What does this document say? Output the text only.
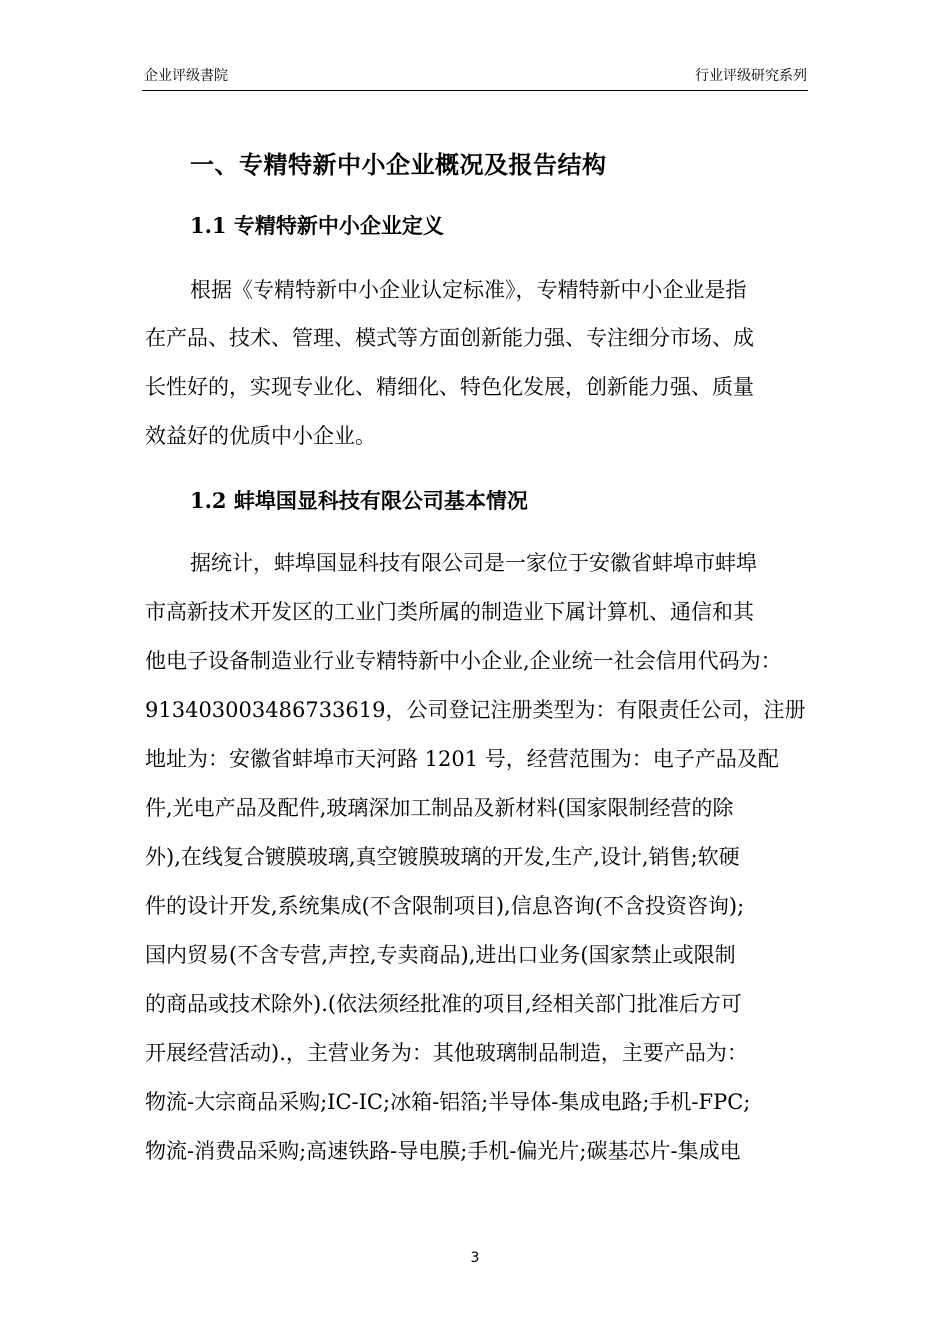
企业评级書院	行业评级研究系列
一、专精特新中小企业概况及报告结构
1.1 专精特新中小企业定义
根据《专精特新中小企业认定标准》，专精特新中小企业是指
在产品、技术、管理、模式等方面创新能力强、专注细分市场、成
长性好的，实现专业化、精细化、特色化发展，创新能力强、质量
效益好的优质中小企业。
1.2 蚌埠国显科技有限公司基本情况
据统计，蚌埠国显科技有限公司是一家位于安徽省蚌埠市蚌埠
市高新技术开发区的工业门类所属的制造业下属计算机、通信和其
他电子设备制造业行业专精特新中小企业,企业统一社会信用代码为：
913403003486733619，公司登记注册类型为：有限责任公司，注册
地址为：安徽省蚌埠市天河路 1201 号，经营范围为：电子产品及配
件,光电产品及配件,玻璃深加工制品及新材料(国家限制经营的除
外),在线复合镀膜玻璃,真空镀膜玻璃的开发,生产,设计,销售;软硬
件的设计开发,系统集成(不含限制项目),信息咨询(不含投资咨询);
国内贸易(不含专营,声控,专卖商品),进出口业务(国家禁止或限制
的商品或技术除外).(依法须经批准的项目,经相关部门批准后方可
开展经营活动).，主营业务为：其他玻璃制品制造，主要产品为：
物流-大宗商品采购;IC-IC;冰箱-铝箔;半导体-集成电路;手机-FPC;
物流-消费品采购;高速铁路-导电膜;手机-偏光片;碳基芯片-集成电
3
